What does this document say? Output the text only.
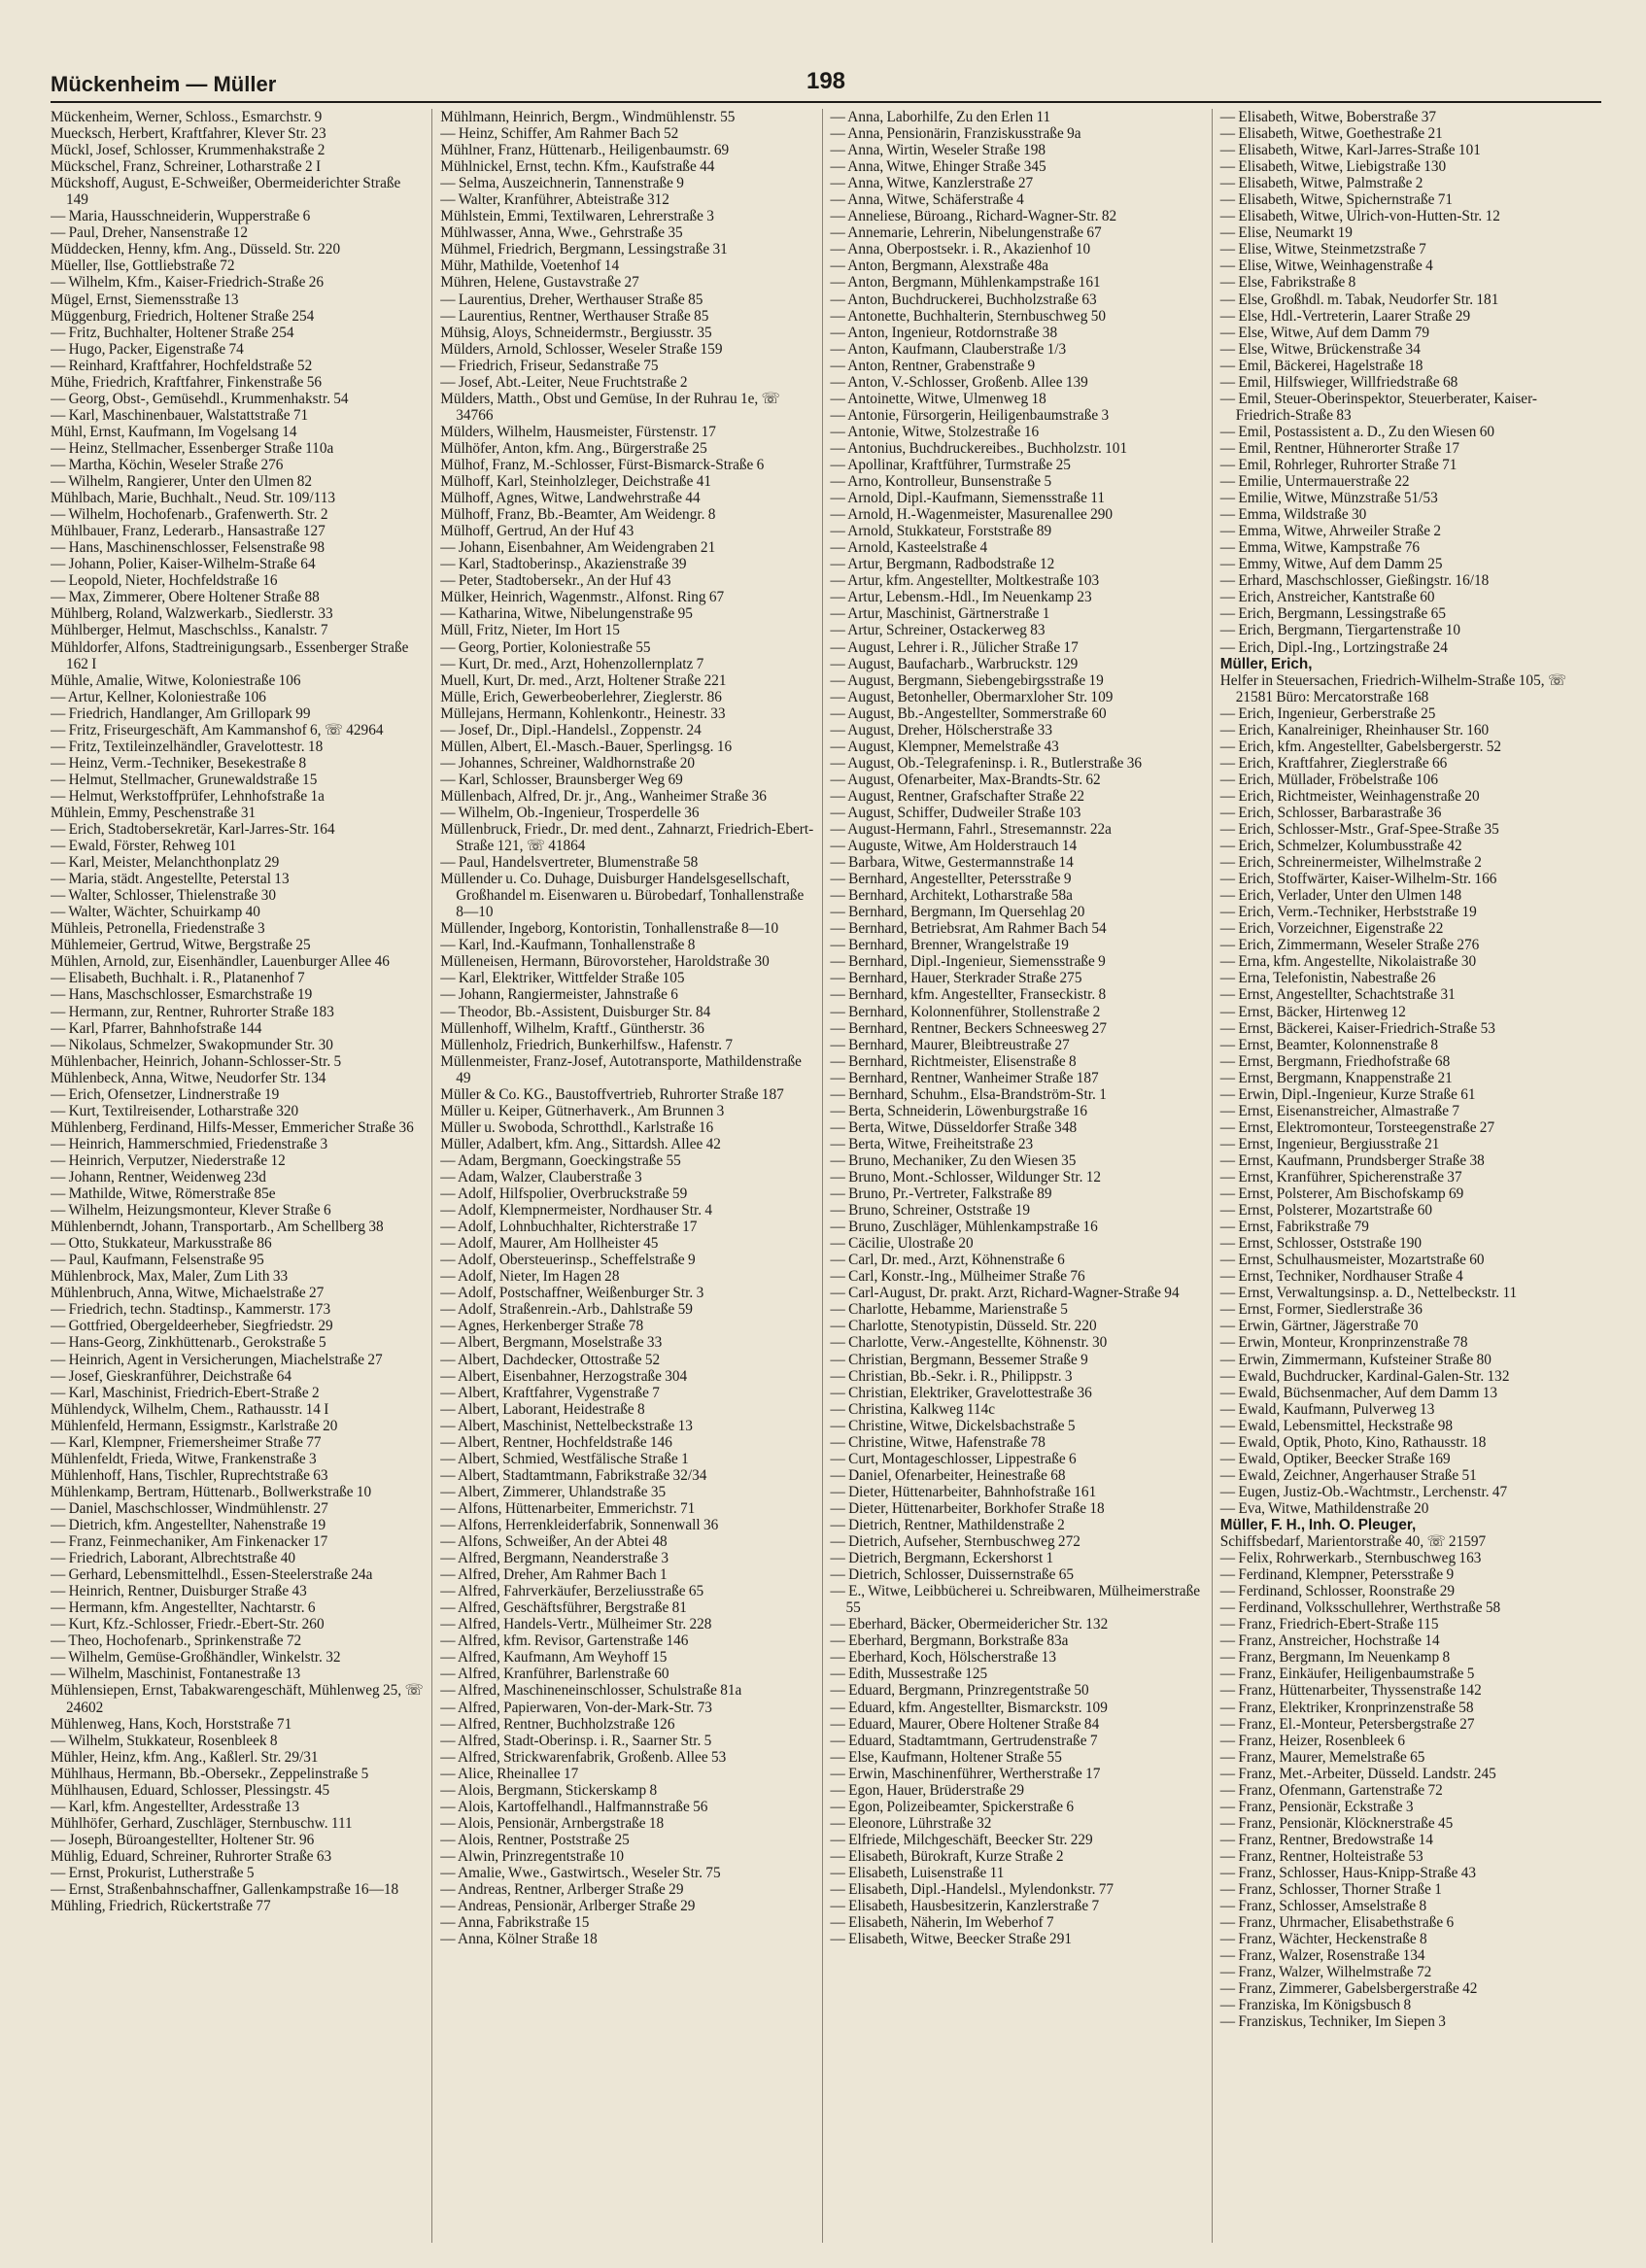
Mückenheim — Müller	198
Mückenheim, Werner, Schloss., Esmarchstr. 9
Muecksch, Herbert, Kraftfahrer, Klever Str. 23
Mückl, Josef, Schlosser, Krummenhakstraße 2
Mückschel, Franz, Schreiner, Lotharstraße 2 I
Mückshoff, August, E-Schweißer, Obermeiderichter Straße 149
— Maria, Hausschneiderin, Wupperstraße 6
— Paul, Dreher, Nansenstraße 12
Müddecken, Henny, kfm. Ang., Düsseld. Str. 220
Müeller, Ilse, Gottliebstraße 72
— Wilhelm, Kfm., Kaiser-Friedrich-Straße 26
Mügel, Ernst, Siemensstraße 13
Müggenburg, Friedrich, Holtener Straße 254
— Fritz, Buchhalter, Holtener Straße 254
— Hugo, Packer, Eigenstraße 74
— Reinhard, Kraftfahrer, Hochfeldstraße 52
Mühe, Friedrich, Kraftfahrer, Finkenstraße 56
— Georg, Obst-, Gemüsehdl., Krummenhakstr. 54
— Karl, Maschinenbauer, Walstattstraße 71
Mühl, Ernst, Kaufmann, Im Vogelsang 14
— Heinz, Stellmacher, Essenberger Straße 110a
— Martha, Köchin, Weseler Straße 276
— Wilhelm, Rangierer, Unter den Ulmen 82
Mühlbach, Marie, Buchhalt., Neud. Str. 109/113
— Wilhelm, Hochofenarb., Grafenwerth. Str. 2
Mühlbauer, Franz, Lederarb., Hansastraße 127
— Hans, Maschinenschlosser, Felsenstraße 98
— Johann, Polier, Kaiser-Wilhelm-Straße 64
— Leopold, Nieter, Hochfeldstraße 16
— Max, Zimmerer, Obere Holtener Straße 88
Mühlberg, Roland, Walzwerkarb., Siedlerstr. 33
Mühlberger, Helmut, Maschschlss., Kanalstr. 7
Mühldorfer, Alfons, Stadtreinigungsarb., Essenberger Straße 162 I
Mühle, Amalie, Witwe, Koloniestraße 106
— Artur, Kellner, Koloniestraße 106
— Friedrich, Handlanger, Am Grillopark 99
— Fritz, Friseurgeschäft, Am Kammanshof 6, ☏ 42964
— Fritz, Textileinzelhändler, Gravelottestr. 18
— Heinz, Verm.-Techniker, Besekestraße 8
— Helmut, Stellmacher, Grunewaldstraße 15
— Helmut, Werkstoffprüfer, Lehnhofstraße 1a
Mühlein, Emmy, Peschenstraße 31
— Erich, Stadtobersekretär, Karl-Jarres-Str. 164
— Ewald, Förster, Rehweg 101
— Karl, Meister, Melanchthonplatz 29
— Maria, städt. Angestellte, Peterstal 13
— Walter, Schlosser, Thielenstraße 30
— Walter, Wächter, Schuirkamp 40
Mühleis, Petronella, Friedenstraße 3
Mühlemeier, Gertrud, Witwe, Bergstraße 25
Mühlen, Arnold, zur, Eisenhändler, Lauenburger Allee 46
— Elisabeth, Buchhalt. i. R., Platanenhof 7
— Hans, Maschschlosser, Esmarchstraße 19
— Hermann, zur, Rentner, Ruhrorter Straße 183
— Karl, Pfarrer, Bahnhofstraße 144
— Nikolaus, Schmelzer, Swakopmunder Str. 30
Mühlenbacher, Heinrich, Johann-Schlosser-Str. 5
Mühlenbeck, Anna, Witwe, Neudorfer Str. 134
— Erich, Ofensetzer, Lindnerstraße 19
— Kurt, Textilreisender, Lotharstraße 320
Mühlenberg, Ferdinand, Hilfs-Messer, Emmericher Straße 36
— Heinrich, Hammerschmied, Friedenstraße 3
— Heinrich, Verputzer, Niederstraße 12
— Johann, Rentner, Weidenweg 23d
— Mathilde, Witwe, Römerstraße 85e
— Wilhelm, Heizungsmonteur, Klever Straße 6
Mühlenberndt, Johann, Transportarb., Am Schellberg 38
— Otto, Stukkateur, Markusstraße 86
— Paul, Kaufmann, Felsenstraße 95
Mühlenbrock, Max, Maler, Zum Lith 33
Mühlenbruch, Anna, Witwe, Michaelstraße 27
— Friedrich, techn. Stadtinsp., Kammerstr. 173
— Gottfried, Obergeldeerheber, Siegfriedstr. 29
— Hans-Georg, Zinkhüttenarb., Gerokstraße 5
— Heinrich, Agent in Versicherungen, Miachelstraße 27
— Josef, Gieskranführer, Deichstraße 64
— Karl, Maschinist, Friedrich-Ebert-Straße 2
Mühlendyck, Wilhelm, Chem., Rathausstr. 14 I
Mühlenfeld, Hermann, Essigmstr., Karlstraße 20
— Karl, Klempner, Friemersheimer Straße 77
Mühlenfeldt, Frieda, Witwe, Frankenstraße 3
Mühlenhoff, Hans, Tischler, Ruprechtstraße 63
Mühlenkamp, Bertram, Hüttenarb., Bollwerkstraße 10
— Daniel, Maschschlosser, Windmühlenstr. 27
— Dietrich, kfm. Angestellter, Nahenstraße 19
— Franz, Feinmechaniker, Am Finkenacker 17
— Friedrich, Laborant, Albrechtstraße 40
— Gerhard, Lebensmittelhdl., Essen-Steelerstraße 24a
— Heinrich, Rentner, Duisburger Straße 43
— Hermann, kfm. Angestellter, Nachtarstr. 6
— Kurt, Kfz.-Schlosser, Friedr.-Ebert-Str. 260
— Theo, Hochofenarb., Sprinkenstraße 72
— Wilhelm, Gemüse-Großhändler, Winkelstr. 32
— Wilhelm, Maschinist, Fontanestraße 13
Mühlensiepen, Ernst, Tabakwarengeschäft, Mühlenweg 25, ☏ 24602
Mühlenweg, Hans, Koch, Horststraße 71
— Wilhelm, Stukkateur, Rosenbleek 8
Mühler, Heinz, kfm. Ang., Kaßlerl. Str. 29/31
Mühlhaus, Hermann, Bb.-Obersekr., Zeppelinstraße 5
Mühlhausen, Eduard, Schlosser, Plessingstr. 45
— Karl, kfm. Angestellter, Ardesstraße 13
Mühlhöfer, Gerhard, Zuschläger, Sternbuschw. 111
— Joseph, Büroangestellter, Holtener Str. 96
Mühlig, Eduard, Schreiner, Ruhrorter Straße 63
— Ernst, Prokurist, Lutherstraße 5
— Ernst, Straßenbahnschaffner, Gallenkampstraße 16—18
Mühling, Friedrich, Rückertstraße 77
Mühlmann, Heinrich, Bergm., Windmühlenstr. 55
— Heinz, Schiffer, Am Rahmer Bach 52
Mühlner, Franz, Hüttenarb., Heiligenbaumstr. 69
Mühlnickel, Ernst, techn. Kfm., Kaufstraße 44
— Selma, Auszeichnerin, Tannenstraße 9
— Walter, Kranführer, Abteistraße 312
Mühlstein, Emmi, Textilwaren, Lehrerstraße 3
Mühlwasser, Anna, Wwe., Gehrstraße 35
Mühmel, Friedrich, Bergmann, Lessingstraße 31
Mühr, Mathilde, Voetenhof 14
Mühren, Helene, Gustavstraße 27
— Laurentius, Dreher, Werthauser Straße 85
— Laurentius, Rentner, Werthauser Straße 85
Mühsig, Aloys, Schneidermstr., Bergiusstr. 35
Mülders, Arnold, Schlosser, Weseler Straße 159
— Friedrich, Friseur, Sedanstraße 75
— Josef, Abt.-Leiter, Neue Fruchtstraße 2
Mülders, Matth., Obst und Gemüse, In der Ruhrau 1e, ☏ 34766
Mülders, Wilhelm, Hausmeister, Fürstenstr. 17
Mülhöfer, Anton, kfm. Ang., Bürgerstraße 25
Mülhof, Franz, M.-Schlosser, Fürst-Bismarck-Straße 6
Mülhoff, Karl, Steinholzleger, Deichstraße 41
Mülhoff, Agnes, Witwe, Landwehrstraße 44
Mülhoff, Franz, Bb.-Beamter, Am Weidengr. 8
Mülhoff, Gertrud, An der Huf 43
— Johann, Eisenbahner, Am Weidengraben 21
— Karl, Stadtoberinsp., Akazienstraße 39
— Peter, Stadtobersekr., An der Huf 43
Mülker, Heinrich, Wagenmstr., Alfonst. Ring 67
— Katharina, Witwe, Nibelungenstraße 95
Müll, Fritz, Nieter, Im Hort 15
— Georg, Portier, Koloniestraße 55
— Kurt, Dr. med., Arzt, Hohenzollernplatz 7
Muell, Kurt, Dr. med., Arzt, Holtener Straße 221
Mülle, Erich, Gewerbeoberlehrer, Zieglerstr. 86
Müllejans, Hermann, Kohlenkontr., Heinestr. 33
— Josef, Dr., Dipl.-Handelsl., Zoppenstr. 24
Müllen, Albert, El.-Masch.-Bauer, Sperlingsg. 16
— Johannes, Schreiner, Waldhornstraße 20
— Karl, Schlosser, Braunsberger Weg 69
Müllenbach, Alfred, Dr. jr., Ang., Wanheimer Straße 36
— Wilhelm, Ob.-Ingenieur, Trosperdelle 36
Müllenbruck, Friedr., Dr. med dent., Zahnarzt, Friedrich-Ebert-Straße 121, ☏ 41864
— Paul, Handelsvertreter, Blumenstraße 58
Müllender u. Co. Duhage, Duisburger Handelsgesellschaft, Großhandel m. Eisenwaren u. Bürobedarf, Tonhallenstraße 8—10
Müllender, Ingeborg, Kontoristin, Tonhallenstraße 8—10
— Karl, Ind.-Kaufmann, Tonhallenstraße 8
Mülleneisen, Hermann, Bürovorsteher, Haroldstraße 30
— Karl, Elektriker, Wittfelder Straße 105
— Johann, Rangiermeister, Jahnstraße 6
— Theodor, Bb.-Assistent, Duisburger Str. 84
Müllenhoff, Wilhelm, Kraftf., Güntherstr. 36
Müllenholz, Friedrich, Bunkerhilfsw., Hafenstr. 7
Müllenmeister, Franz-Josef, Autotransporte, Mathildenstraße 49
Müller & Co. KG., Baustoffvertrieb, Ruhrorter Straße 187
Müller u. Keiper, Gütnerhaverk., Am Brunnen 3
Müller u. Swoboda, Schrotthdl., Karlstraße 16
Müller, Adalbert, kfm. Ang., Sittardsh. Allee 42
— Adam, Bergmann, Goeckingstraße 55
— Adam, Walzer, Clauberstraße 3
— Adolf, Hilfspolier, Overbruckstraße 59
— Adolf, Klempnermeister, Nordhauser Str. 4
— Adolf, Lohnbuchhalter, Richterstraße 17
— Adolf, Maurer, Am Hollheister 45
— Adolf, Obersteuerinsp., Scheffelstraße 9
— Adolf, Nieter, Im Hagen 28
— Adolf, Postschaffner, Weißenburger Str. 3
— Adolf, Straßenrein.-Arb., Dahlstraße 59
— Agnes, Herkenberger Straße 78
— Albert, Bergmann, Moselstraße 33
— Albert, Dachdecker, Ottostraße 52
— Albert, Eisenbahner, Herzogstraße 304
— Albert, Kraftfahrer, Vygenstraße 7
— Albert, Laborant, Heidestraße 8
— Albert, Maschinist, Nettelbeckstraße 13
— Albert, Rentner, Hochfeldstraße 146
— Albert, Schmied, Westfälische Straße 1
— Albert, Stadtamtmann, Fabrikstraße 32/34
— Albert, Zimmerer, Uhlandstraße 35
— Alfons, Hüttenarbeiter, Emmerichstr. 71
— Alfons, Herrenkleiderfabrik, Sonnenwall 36
— Alfons, Schweißer, An der Abtei 48
— Alfred, Bergmann, Neanderstraße 3
— Alfred, Dreher, Am Rahmer Bach 1
— Alfred, Fahrverkäufer, Berzeliusstraße 65
— Alfred, Geschäftsführer, Bergstraße 81
— Alfred, Handels-Vertr., Mülheimer Str. 228
— Alfred, kfm. Revisor, Gartenstraße 146
— Alfred, Kaufmann, Am Weyhoff 15
— Alfred, Kranführer, Barlenstraße 60
— Alfred, Maschineneinschlosser, Schulstraße 81a
— Alfred, Papierwaren, Von-der-Mark-Str. 73
— Alfred, Rentner, Buchholzstraße 126
— Alfred, Stadt-Oberinsp. i. R., Saarner Str. 5
— Alfred, Strickwarenfabrik, Großenb. Allee 53
— Alice, Rheinallee 17
— Alois, Bergmann, Stickerskamp 8
— Alois, Kartoffelhandl., Halfmannstraße 56
— Alois, Pensionär, Arnbergstraße 18
— Alois, Rentner, Poststraße 25
— Alwin, Prinzregentstraße 10
— Amalie, Wwe., Gastwirtsch., Weseler Str. 75
— Andreas, Rentner, Arlberger Straße 29
— Andreas, Pensionär, Arlberger Straße 29
— Anna, Fabrikstraße 15
— Anna, Kölner Straße 18
— Anna, Laborhilfe, Zu den Erlen 11
— Anna, Pensionärin, Franziskusstraße 9a
— Anna, Wirtin, Weseler Straße 198
— Anna, Witwe, Ehinger Straße 345
— Anna, Witwe, Kanzlerstraße 27
— Anna, Witwe, Schäferstraße 4
— Anneliese, Büroang., Richard-Wagner-Str. 82
— Annemarie, Lehrerin, Nibelungenstraße 67
— Anna, Oberpostsekr. i. R., Akazienhof 10
— Anton, Bergmann, Alexstraße 48a
— Anton, Bergmann, Mühlenkampstraße 161
— Anton, Buchdruckerei, Buchholzstraße 63
— Antonette, Buchhalterin, Sternbuschweg 50
— Anton, Ingenieur, Rotdornstraße 38
— Anton, Kaufmann, Clauberstraße 1/3
— Anton, Rentner, Grabenstraße 9
— Anton, V.-Schlosser, Großenb. Allee 139
— Antoinette, Witwe, Ulmenweg 18
— Antonie, Fürsorgerin, Heiligenbaumstraße 3
— Antonie, Witwe, Stolzestraße 16
— Antonius, Buchdruckereibes., Buchholzstr. 101
— Apollinar, Kraftführer, Turmstraße 25
— Arno, Kontrolleur, Bunsenstraße 5
— Arnold, Dipl.-Kaufmann, Siemensstraße 11
— Arnold, H.-Wagenmeister, Masurenallee 290
— Arnold, Stukkateur, Forststraße 89
— Arnold, Kasteelstraße 4
— Artur, Bergmann, Radbodstraße 12
— Artur, kfm. Angestellter, Moltkestraße 103
— Artur, Lebensm.-Hdl., Im Neuenkamp 23
— Artur, Maschinist, Gärtnerstraße 1
— Artur, Schreiner, Ostackerweg 83
— August, Lehrer i. R., Jülicher Straße 17
— August, Baufacharb., Warbruckstr. 129
— August, Bergmann, Siebengebirgsstraße 19
— August, Betonheller, Obermarxloher Str. 109
— August, Bb.-Angestellter, Sommerstraße 60
— August, Dreher, Hölscherstraße 33
— August, Klempner, Memelstraße 43
— August, Ob.-Telegrafeninsp. i. R., Butlerstraße 36
— August, Ofenarbeiter, Max-Brandts-Str. 62
— August, Rentner, Grafschafter Straße 22
— August, Schiffer, Dudweiler Straße 103
— August-Hermann, Fahrl., Stresemannstr. 22a
— Auguste, Witwe, Am Holderstrauch 14
— Barbara, Witwe, Gestermannstraße 14
— Bernhard, Angestellter, Petersstraße 9
— Bernhard, Architekt, Lotharstraße 58a
— Bernhard, Bergmann, Im Quersehlag 20
— Bernhard, Betriebsrat, Am Rahmer Bach 54
— Bernhard, Brenner, Wrangelstraße 19
— Bernhard, Dipl.-Ingenieur, Siemensstraße 9
— Bernhard, Hauer, Sterkrader Straße 275
— Bernhard, kfm. Angestellter, Franseckistr. 8
— Bernhard, Kolonnenführer, Stollenstraße 2
— Bernhard, Rentner, Beckers Schneesweg 27
— Bernhard, Maurer, Bleibtreustraße 27
— Bernhard, Richtmeister, Elisenstraße 8
— Bernhard, Rentner, Wanheimer Straße 187
— Bernhard, Schuhm., Elsa-Brandström-Str. 1
— Berta, Schneiderin, Löwenburgstraße 16
— Berta, Witwe, Düsseldorfer Straße 348
— Berta, Witwe, Freiheitstraße 23
— Bruno, Mechaniker, Zu den Wiesen 35
— Bruno, Mont.-Schlosser, Wildunger Str. 12
— Bruno, Pr.-Vertreter, Falkstraße 89
— Bruno, Schreiner, Oststraße 19
— Bruno, Zuschläger, Mühlenkampstraße 16
— Cäcilie, Ulostraße 20
— Carl, Dr. med., Arzt, Köhnenstraße 6
— Carl, Konstr.-Ing., Mülheimer Straße 76
— Carl-August, Dr. prakt. Arzt, Richard-Wagner-Straße 94
— Charlotte, Hebamme, Marienstraße 5
— Charlotte, Stenotypistin, Düsseld. Str. 220
— Charlotte, Verw.-Angestellte, Köhnenstr. 30
— Christian, Bergmann, Bessemer Straße 9
— Christian, Bb.-Sekr. i. R., Philippstr. 3
— Christian, Elektriker, Gravelottestraße 36
— Christina, Kalkweg 114c
— Christine, Witwe, Dickelsbachstraße 5
— Christine, Witwe, Hafenstraße 78
— Curt, Montageschlosser, Lippestraße 6
— Daniel, Ofenarbeiter, Heinestraße 68
— Dieter, Hüttenarbeiter, Bahnhofstraße 161
— Dieter, Hüttenarbeiter, Borkhofer Straße 18
— Dietrich, Rentner, Mathildenstraße 2
— Dietrich, Aufseher, Sternbuschweg 272
— Dietrich, Bergmann, Eckershorst 1
— Dietrich, Schlosser, Duissernstraße 65
— E., Witwe, Leibbücherei u. Schreibwaren, Mülheimerstraße 55
— Eberhard, Bäcker, Obermeidericher Str. 132
— Eberhard, Bergmann, Borkstraße 83a
— Eberhard, Koch, Hölscherstraße 13
— Edith, Mussestraße 125
— Eduard, Bergmann, Prinzregentstraße 50
— Eduard, kfm. Angestellter, Bismarckstr. 109
— Eduard, Maurer, Obere Holtener Straße 84
— Eduard, Stadtamtmann, Gertrudenstraße 7
— Else, Kaufmann, Holtener Straße 55
— Erwin, Maschinenführer, Wertherstraße 17
— Egon, Hauer, Brüderstraße 29
— Egon, Polizeibeamter, Spickerstraße 6
— Eleonore, Lührstraße 32
— Elfriede, Milchgeschäft, Beecker Str. 229
— Elisabeth, Bürokraft, Kurze Straße 2
— Elisabeth, Luisenstraße 11
— Elisabeth, Dipl.-Handelsl., Mylendonkstr. 77
— Elisabeth, Hausbesitzerin, Kanzlerstraße 7
— Elisabeth, Näherin, Im Weberhof 7
— Elisabeth, Witwe, Beecker Straße 291
— Elisabeth, Witwe, Boberstraße 37
— Elisabeth, Witwe, Goethestraße 21
— Elisabeth, Witwe, Karl-Jarres-Straße 101
— Elisabeth, Witwe, Liebigstraße 130
— Elisabeth, Witwe, Palmstraße 2
— Elisabeth, Witwe, Spichernstraße 71
— Elisabeth, Witwe, Ulrich-von-Hutten-Str. 12
— Elise, Neumarkt 19
— Elise, Witwe, Steinmetzstraße 7
— Elise, Witwe, Weinhagenstraße 4
— Else, Fabrikstraße 8
— Else, Großhdl. m. Tabak, Neudorfer Str. 181
— Else, Hdl.-Vertreterin, Laarer Straße 29
— Else, Witwe, Auf dem Damm 79
— Else, Witwe, Brückenstraße 34
— Emil, Bäckerei, Hagelstraße 18
— Emil, Hilfswieger, Willfriedstraße 68
— Emil, Steuer-Oberinspektor, Steuerberater, Kaiser-Friedrich-Straße 83
— Emil, Postassistent a. D., Zu den Wiesen 60
— Emil, Rentner, Hühnerorter Straße 17
— Emil, Rohrleger, Ruhrorter Straße 71
— Emilie, Untermauerstraße 22
— Emilie, Witwe, Münzstraße 51/53
— Emma, Wildstraße 30
— Emma, Witwe, Ahrweiler Straße 2
— Emma, Witwe, Kampstraße 76
— Emmy, Witwe, Auf dem Damm 25
— Erhard, Maschschlosser, Gießingstr. 16/18
— Erich, Anstreicher, Kantstraße 60
— Erich, Bergmann, Lessingstraße 65
— Erich, Bergmann, Tiergartenstraße 10
— Erich, Dipl.-Ing., Lortzingstraße 24
Müller, Erich,
Helfer in Steuersachen, Friedrich-Wilhelm-Straße 105, ☏ 21581 Büro: Mercatorstraße 168
— Erich, Ingenieur, Gerberstraße 25
— Erich, Kanalreiniger, Rheinhauser Str. 160
— Erich, kfm. Angestellter, Gabelsbergerstr. 52
— Erich, Kraftfahrer, Zieglerstraße 66
— Erich, Müllader, Fröbelstraße 106
— Erich, Richtmeister, Weinhagenstraße 20
— Erich, Schlosser, Barbarastraße 36
— Erich, Schlosser-Mstr., Graf-Spee-Straße 35
— Erich, Schmelzer, Kolumbusstraße 42
— Erich, Schreinermeister, Wilhelmstraße 2
— Erich, Stoffwärter, Kaiser-Wilhelm-Str. 166
— Erich, Verlader, Unter den Ulmen 148
— Erich, Verm.-Techniker, Herbststraße 19
— Erich, Vorzeichner, Eigenstraße 22
— Erich, Zimmermann, Weseler Straße 276
— Erna, kfm. Angestellte, Nikolaistraße 30
— Erna, Telefonistin, Nabestraße 26
— Ernst, Angestellter, Schachtstraße 31
— Ernst, Bäcker, Hirtenweg 12
— Ernst, Bäckerei, Kaiser-Friedrich-Straße 53
— Ernst, Beamter, Kolonnenstraße 8
— Ernst, Bergmann, Friedhofstraße 68
— Ernst, Bergmann, Knappenstraße 21
— Erwin, Dipl.-Ingenieur, Kurze Straße 61
— Ernst, Eisenanstreicher, Almastraße 7
— Ernst, Elektromonteur, Torsteegenstraße 27
— Ernst, Ingenieur, Bergiusstraße 21
— Ernst, Kaufmann, Prundsberger Straße 38
— Ernst, Kranführer, Spicherenstraße 37
— Ernst, Polsterer, Am Bischofskamp 69
— Ernst, Polsterer, Mozartstraße 60
— Ernst, Fabrikstraße 79
— Ernst, Schlosser, Oststraße 190
— Ernst, Schulhausmeister, Mozartstraße 60
— Ernst, Techniker, Nordhauser Straße 4
— Ernst, Verwaltungsinsp. a. D., Nettelbeckstr. 11
— Ernst, Former, Siedlerstraße 36
— Erwin, Gärtner, Jägerstraße 70
— Erwin, Monteur, Kronprinzenstraße 78
— Erwin, Zimmermann, Kufsteiner Straße 80
— Ewald, Buchdrucker, Kardinal-Galen-Str. 132
— Ewald, Büchsenmacher, Auf dem Damm 13
— Ewald, Kaufmann, Pulverweg 13
— Ewald, Lebensmittel, Heckstraße 98
— Ewald, Optik, Photo, Kino, Rathausstr. 18
— Ewald, Optiker, Beecker Straße 169
— Ewald, Zeichner, Angerhauser Straße 51
— Eugen, Justiz-Ob.-Wachtmstr., Lerchenstr. 47
— Eva, Witwe, Mathildenstraße 20
Müller, F. H., Inh. O. Pleuger,
Schiffsbedarf, Marientorstraße 40, ☏ 21597
— Felix, Rohrwerkarb., Sternbuschweg 163
— Ferdinand, Klempner, Petersstraße 9
— Ferdinand, Schlosser, Roonstraße 29
— Ferdinand, Volksschullehrer, Werthstraße 58
— Franz, Friedrich-Ebert-Straße 115
— Franz, Anstreicher, Hochstraße 14
— Franz, Bergmann, Im Neuenkamp 8
— Franz, Einkäufer, Heiligenbaumstraße 5
— Franz, Hüttenarbeiter, Thyssenstraße 142
— Franz, Elektriker, Kronprinzenstraße 58
— Franz, El.-Monteur, Petersbergstraße 27
— Franz, Heizer, Rosenbleek 6
— Franz, Maurer, Memelstraße 65
— Franz, Met.-Arbeiter, Düsseld. Landstr. 245
— Franz, Ofenmann, Gartenstraße 72
— Franz, Pensionär, Eckstraße 3
— Franz, Pensionär, Klöcknerstraße 45
— Franz, Rentner, Bredowstraße 14
— Franz, Rentner, Holteistraße 53
— Franz, Schlosser, Haus-Knipp-Straße 43
— Franz, Schlosser, Thorner Straße 1
— Franz, Schlosser, Amselstraße 8
— Franz, Uhrmacher, Elisabethstraße 6
— Franz, Wächter, Heckenstraße 8
— Franz, Walzer, Rosenstraße 134
— Franz, Walzer, Wilhelmstraße 72
— Franz, Zimmerer, Gabelsbergerstraße 42
— Franziska, Im Königsbusch 8
— Franziskus, Techniker, Im Siepen 3
